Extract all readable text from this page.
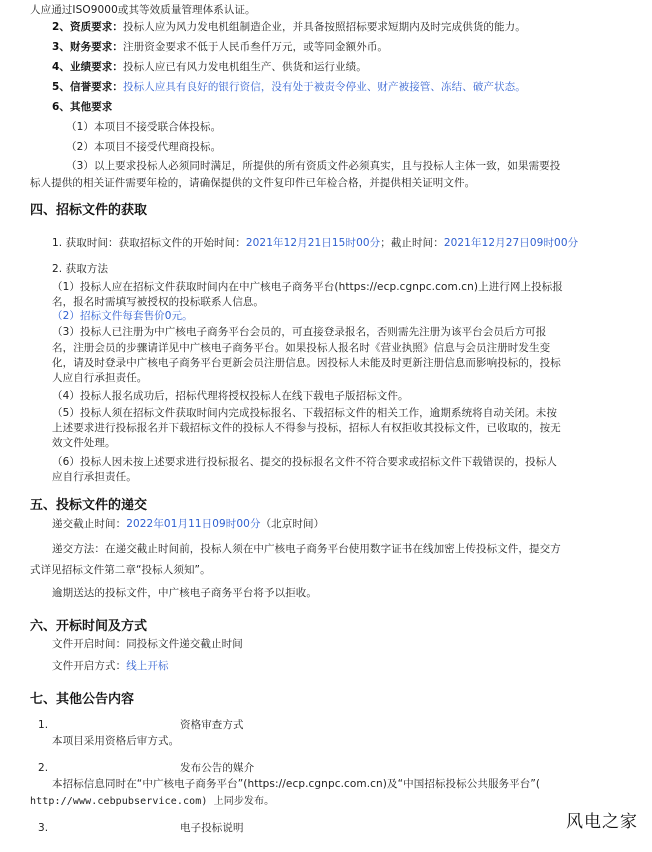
人应通过ISO9000或其等效质量管理体系认证。
2、资质要求：投标人应为风力发电机组制造企业，并具备按照招标要求短期内及时完成供货的能力。
3、财务要求：注册资金要求不低于人民币叁仟万元，或等同金额外币。
4、业绩要求：投标人应已有风力发电机组生产、供货和运行业绩。
5、信誉要求：投标人应具有良好的银行资信，没有处于被责令停业、财产被接管、冻结、破产状态。
6、其他要求
（1）本项目不接受联合体投标。
（2）本项目不接受代理商投标。
（3）以上要求投标人必须同时满足，所提供的所有资质文件必须真实，且与投标人主体一致，如果需要投
标人提供的相关证件需要年检的，请确保提供的文件复印件已年检合格，并提供相关证明文件。
四、招标文件的获取
1. 获取时间：获取招标文件的开始时间：2021年12月21日15时00分；截止时间：2021年12月27日09时00分
2. 获取方法
（1）投标人应在招标文件获取时间内在中广核电子商务平台(https://ecp.cgnpc.com.cn)上进行网上投标报
名，报名时需填写被授权的投标联系人信息。
（2）招标文件每套售价0元。
（3）投标人已注册为中广核电子商务平台会员的，可直接登录报名，否则需先注册为该平台会员后方可报
名，注册会员的步骤请详见中广核电子商务平台。如果投标人报名时《营业执照》信息与会员注册时发生变
化，请及时登录中广核电子商务平台更新会员注册信息。因投标人未能及时更新注册信息而影响投标的，投标
人应自行承担责任。
（4）投标人报名成功后，招标代理将授权投标人在线下载电子版招标文件。
（5）投标人须在招标文件获取时间内完成投标报名、下载招标文件的相关工作，逾期系统将自动关闭。未按
上述要求进行投标报名并下载招标文件的投标人不得参与投标，招标人有权拒收其投标文件，已收取的，按无
效文件处理。
（6）投标人因未按上述要求进行投标报名、提交的投标报名文件不符合要求或招标文件下载错误的，投标人
应自行承担责任。
五、投标文件的递交
递交截止时间：2022年01月11日09时00分（北京时间）
递交方法：在递交截止时间前，投标人须在中广核电子商务平台使用数字证书在线加密上传投标文件，提交方
式详见招标文件第二章“投标人须知”。
逾期送达的投标文件，中广核电子商务平台将予以拒收。
六、开标时间及方式
文件开启时间：同投标文件递交截止时间
文件开启方式：线上开标
七、其他公告内容
1.	资格审查方式
本项目采用资格后审方式。
2.	发布公告的媒介
本招标信息同时在“中广核电子商务平台”(https://ecp.cgnpc.com.cn)及“中国招标投标公共服务平台”(
http://www.cebpubservice.com) 上同步发布。
3.	电子投标说明	风电之家
